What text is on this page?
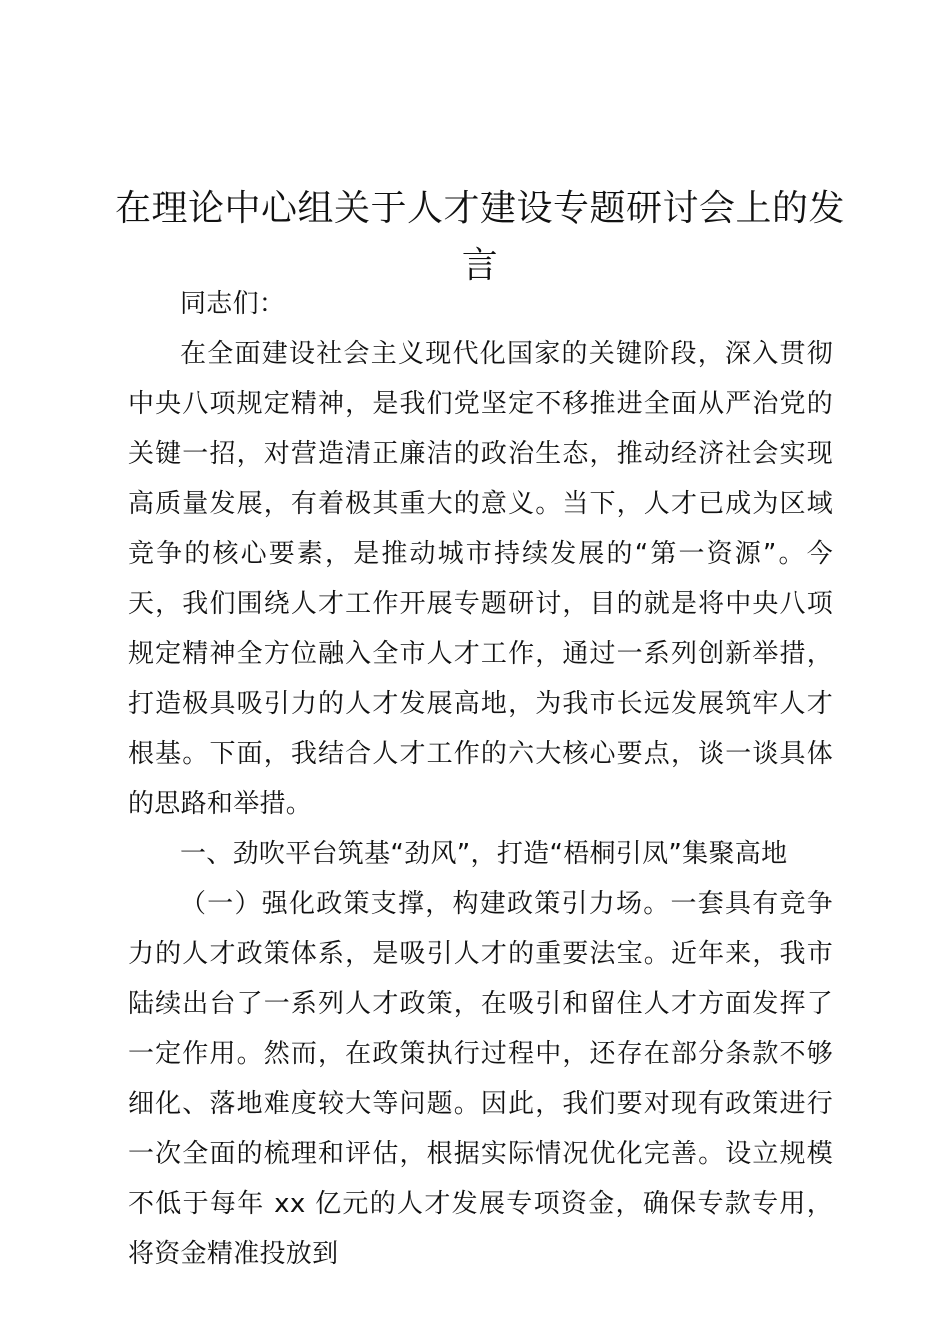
在理论中心组关于人才建设专题研讨会上的发言

同志们：

在全面建设社会主义现代化国家的关键阶段，深入贯彻中央八项规定精神，是我们党坚定不移推进全面从严治党的关键一招，对营造清正廉洁的政治生态，推动经济社会实现高质量发展，有着极其重大的意义。当下，人才已成为区域竞争的核心要素，是推动城市持续发展的“第一资源”。今天，我们围绕人才工作开展专题研讨，目的就是将中央八项规定精神全方位融入全市人才工作，通过一系列创新举措，打造极具吸引力的人才发展高地，为我市长远发展筑牢人才根基。下面，我结合人才工作的六大核心要点，谈一谈具体的思路和举措。

一、劲吹平台筑基“劲风”，打造“梧桐引凤”集聚高地

（一）强化政策支撑，构建政策引力场。一套具有竞争力的人才政策体系，是吸引人才的重要法宝。近年来，我市陆续出台了一系列人才政策，在吸引和留住人才方面发挥了一定作用。然而，在政策执行过程中，还存在部分条款不够细化、落地难度较大等问题。因此，我们要对现有政策进行一次全面的梳理和评估，根据实际情况优化完善。设立规模不低于每年 xx 亿元的人才发展专项资金，确保专款专用，将资金精准投放到
